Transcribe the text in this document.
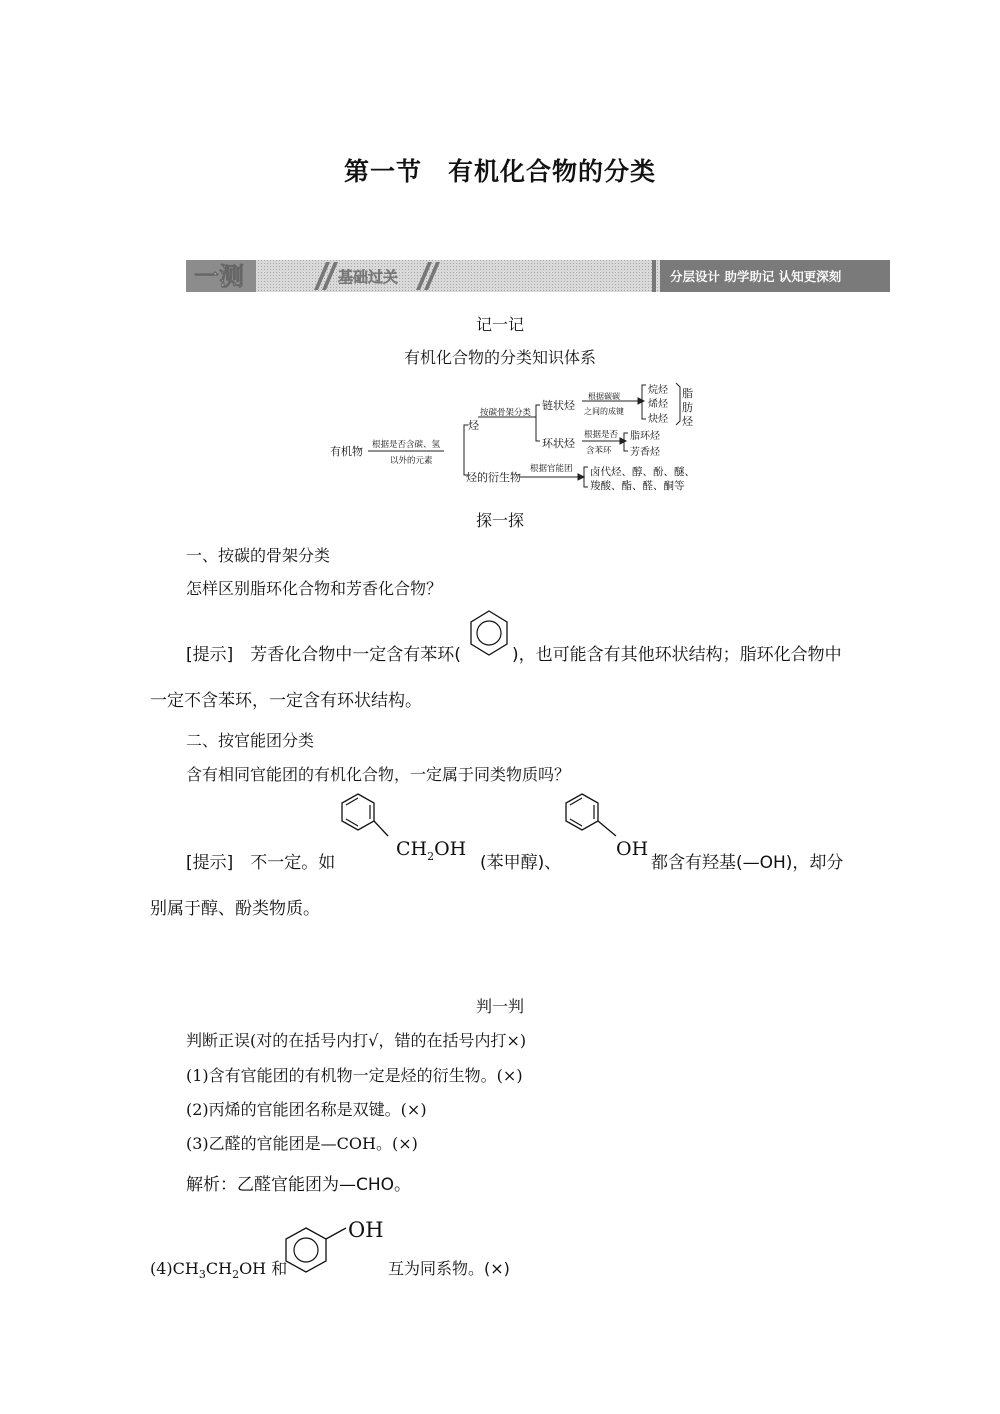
第一节　有机化合物的分类
一测	基础过关	分层设计 助学助记 认知更深刻
记一记
有机化合物的分类知识体系
有机物 根据是否含碳、氢
以外的元素
烃
按碳骨架分类
链状烃
根据碳碳
之间的成键
烷烃
烯烃
炔烃
脂
肪
烃
环状烃
根据是否
含苯环
脂环烃
芳香烃
烃的衍生物
根据官能团 卤代烃、醇、酚、醚、
羧酸、酯、醛、酮等
探一探
一、按碳的骨架分类
怎样区别脂环化合物和芳香化合物？
[提示]　芳香化合物中一定含有苯环(	)，也可能含有其他环状结构；脂环化合物中
一定不含苯环，一定含有环状结构。
二、按官能团分类
含有相同官能团的有机化合物，一定属于同类物质吗？
[提示]　不一定。如
$CH_2OH$
(苯甲醇)、
OH
都含有羟基(—OH)，却分
别属于醇、酚类物质。
判一判
判断正误(对的在括号内打√，错的在括号内打×)
(1)含有官能团的有机物一定是烃的衍生物。(×)
(2)丙烯的官能团名称是双键。(×)
(3)乙醛的官能团是—COH。(×)
解析：乙醛官能团为—CHO。
$(4)CH_3CH_2OH$ 和
OH
互为同系物。(×)
